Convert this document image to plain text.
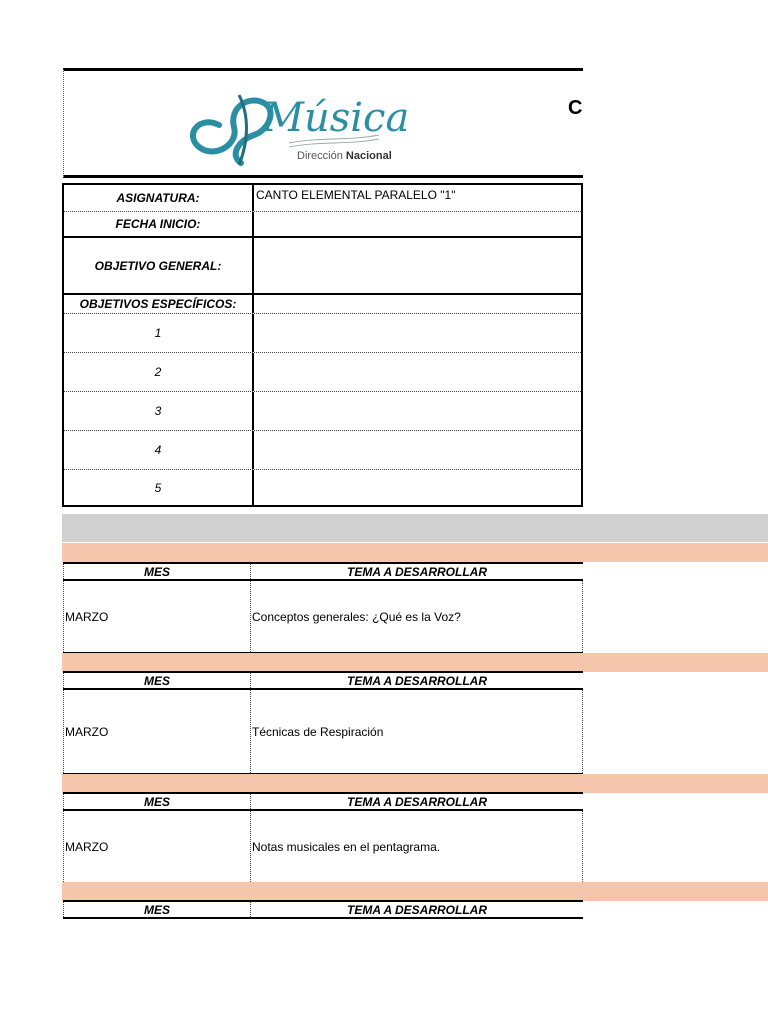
Música
Dirección Nacional
C
ASIGNATURA:	CANTO ELEMENTAL PARALELO "1"
FECHA INICIO:
OBJETIVO GENERAL:
OBJETIVOS ESPECÍFICOS:
1
2
3
4
5
MES	TEMA A DESARROLLAR
MARZO	Conceptos generales: ¿Qué es la Voz?
MES	TEMA A DESARROLLAR
MARZO	Técnicas de Respiración
MES	TEMA A DESARROLLAR
MARZO	Notas musicales en el pentagrama.
MES	TEMA A DESARROLLAR
